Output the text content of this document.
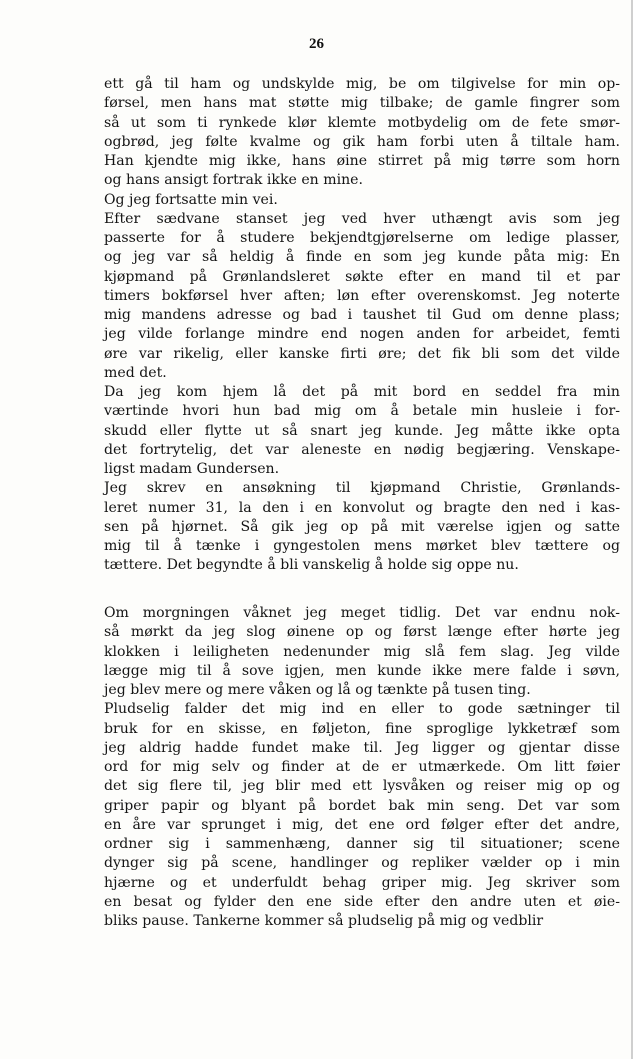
26

ett gå til ham og undskylde mig, be om tilgivelse for min op-

førsel, men hans mat støtte mig tilbake; de gamle fingrer som

så ut som ti rynkede klør klemte motbydelig om de fete smør-

ogbrød, jeg følte kvalme og gik ham forbi uten å tiltale ham.

Han kjendte mig ikke, hans øine stirret på mig tørre som horn

og hans ansigt fortrak ikke en mine.

Og jeg fortsatte min vei.

Efter sædvane stanset jeg ved hver uthængt avis som jeg

passerte for å studere bekjendtgjørelserne om ledige plasser,

og jeg var så heldig å finde en som jeg kunde påta mig: En

kjøpmand på Grønlandsleret søkte efter en mand til et par

timers bokførsel hver aften; løn efter overenskomst. Jeg noterte

mig mandens adresse og bad i taushet til Gud om denne plass;

jeg vilde forlange mindre end nogen anden for arbeidet, femti

øre var rikelig, eller kanske firti øre; det fik bli som det vilde

med det.

Da jeg kom hjem lå det på mit bord en seddel fra min

værtinde hvori hun bad mig om å betale min husleie i for-

skudd eller flytte ut så snart jeg kunde. Jeg måtte ikke opta

det fortrytelig, det var aleneste en nødig begjæring. Venskape-

ligst madam Gundersen.

Jeg skrev en ansøkning til kjøpmand Christie, Grønlands-

leret numer 31, la den i en konvolut og bragte den ned i kas-

sen på hjørnet. Så gik jeg op på mit værelse igjen og satte

mig til å tænke i gyngestolen mens mørket blev tættere og

tættere. Det begyndte å bli vanskelig å holde sig oppe nu.

Om morgningen våknet jeg meget tidlig. Det var endnu nok-

så mørkt da jeg slog øinene op og først længe efter hørte jeg

klokken i leiligheten nedenunder mig slå fem slag. Jeg vilde

lægge mig til å sove igjen, men kunde ikke mere falde i søvn,

jeg blev mere og mere våken og lå og tænkte på tusen ting.

Pludselig falder det mig ind en eller to gode sætninger til

bruk for en skisse, en føljeton, fine sproglige lykketræf som

jeg aldrig hadde fundet make til. Jeg ligger og gjentar disse

ord for mig selv og finder at de er utmærkede. Om litt føier

det sig flere til, jeg blir med ett lysvåken og reiser mig op og

griper papir og blyant på bordet bak min seng. Det var som

en åre var sprunget i mig, det ene ord følger efter det andre,

ordner sig i sammenhæng, danner sig til situationer; scene

dynger sig på scene, handlinger og repliker vælder op i min

hjærne og et underfuldt behag griper mig. Jeg skriver som

en besat og fylder den ene side efter den andre uten et øie-

bliks pause. Tankerne kommer så pludselig på mig og vedblir
